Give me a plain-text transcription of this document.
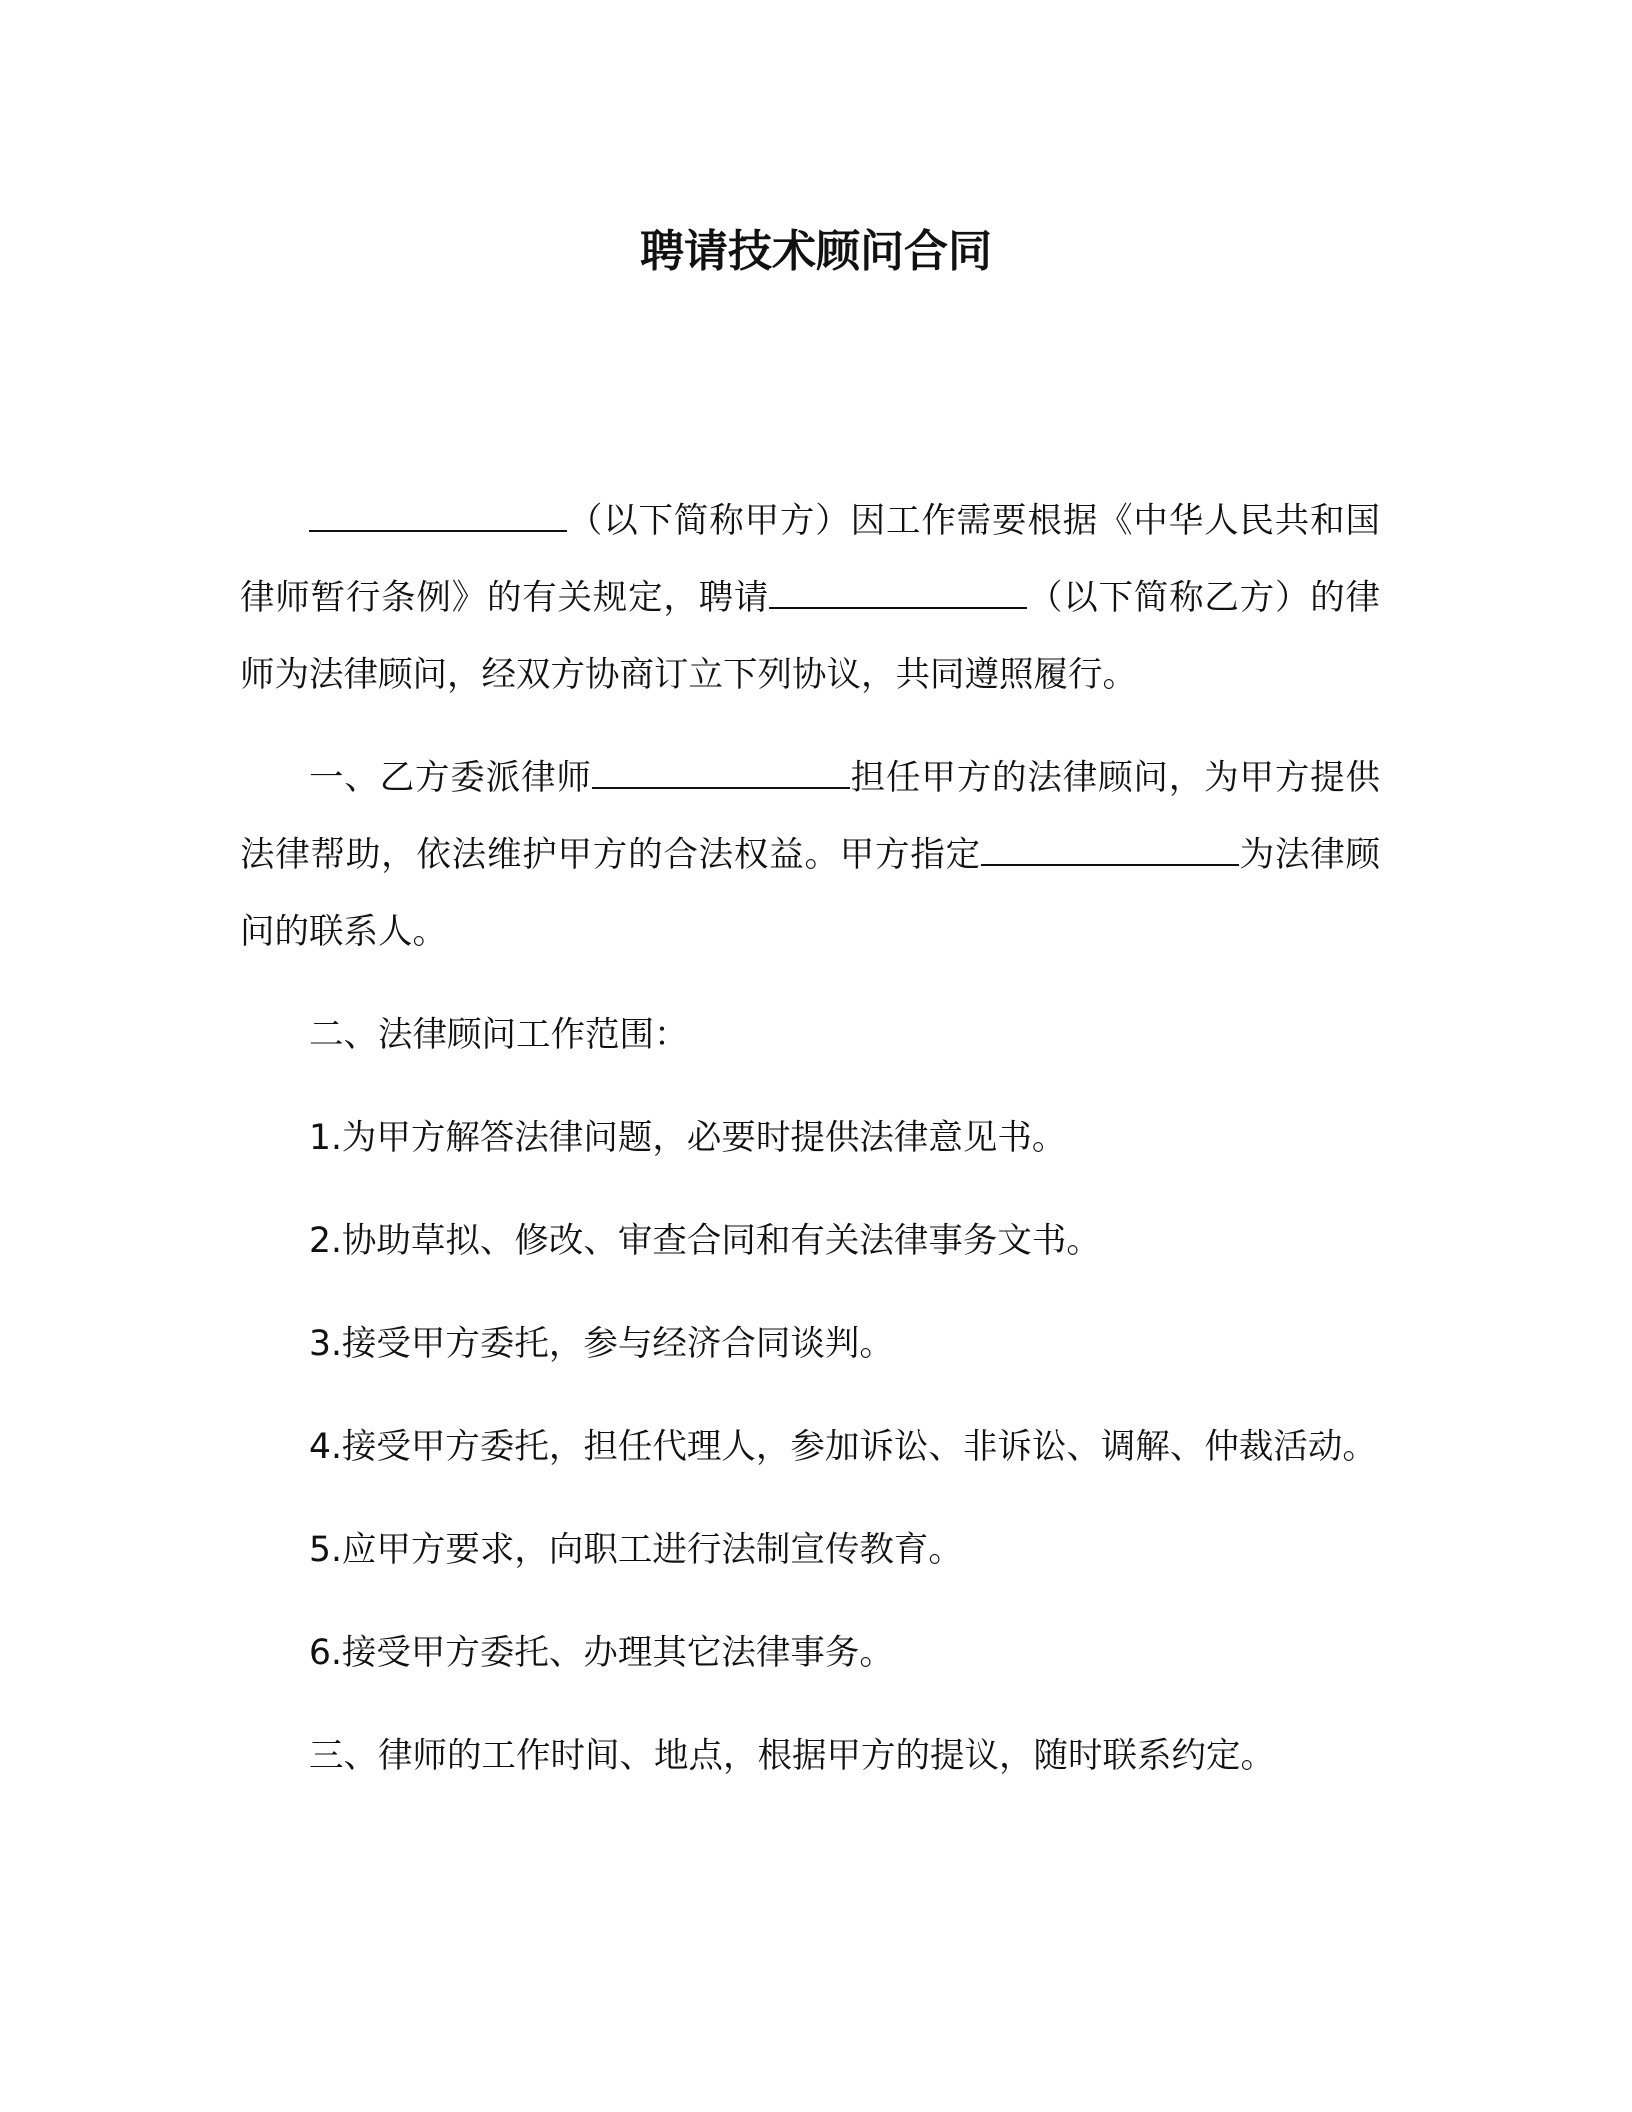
聘请技术顾问合同

（以下简称甲方）因工作需要根据《中华人民共和国律师暂行条例》的有关规定，聘请	（以下简称乙方）的律师为法律顾问，经双方协商订立下列协议，共同遵照履行。

一、乙方委派律师	担任甲方的法律顾问，为甲方提供法律帮助，依法维护甲方的合法权益。甲方指定	为法律顾问的联系人。

二、法律顾问工作范围：

1.为甲方解答法律问题，必要时提供法律意见书。

2.协助草拟、修改、审查合同和有关法律事务文书。

3.接受甲方委托，参与经济合同谈判。

4.接受甲方委托，担任代理人，参加诉讼、非诉讼、调解、仲裁活动。

5.应甲方要求，向职工进行法制宣传教育。

6.接受甲方委托、办理其它法律事务。

三、律师的工作时间、地点，根据甲方的提议，随时联系约定。
